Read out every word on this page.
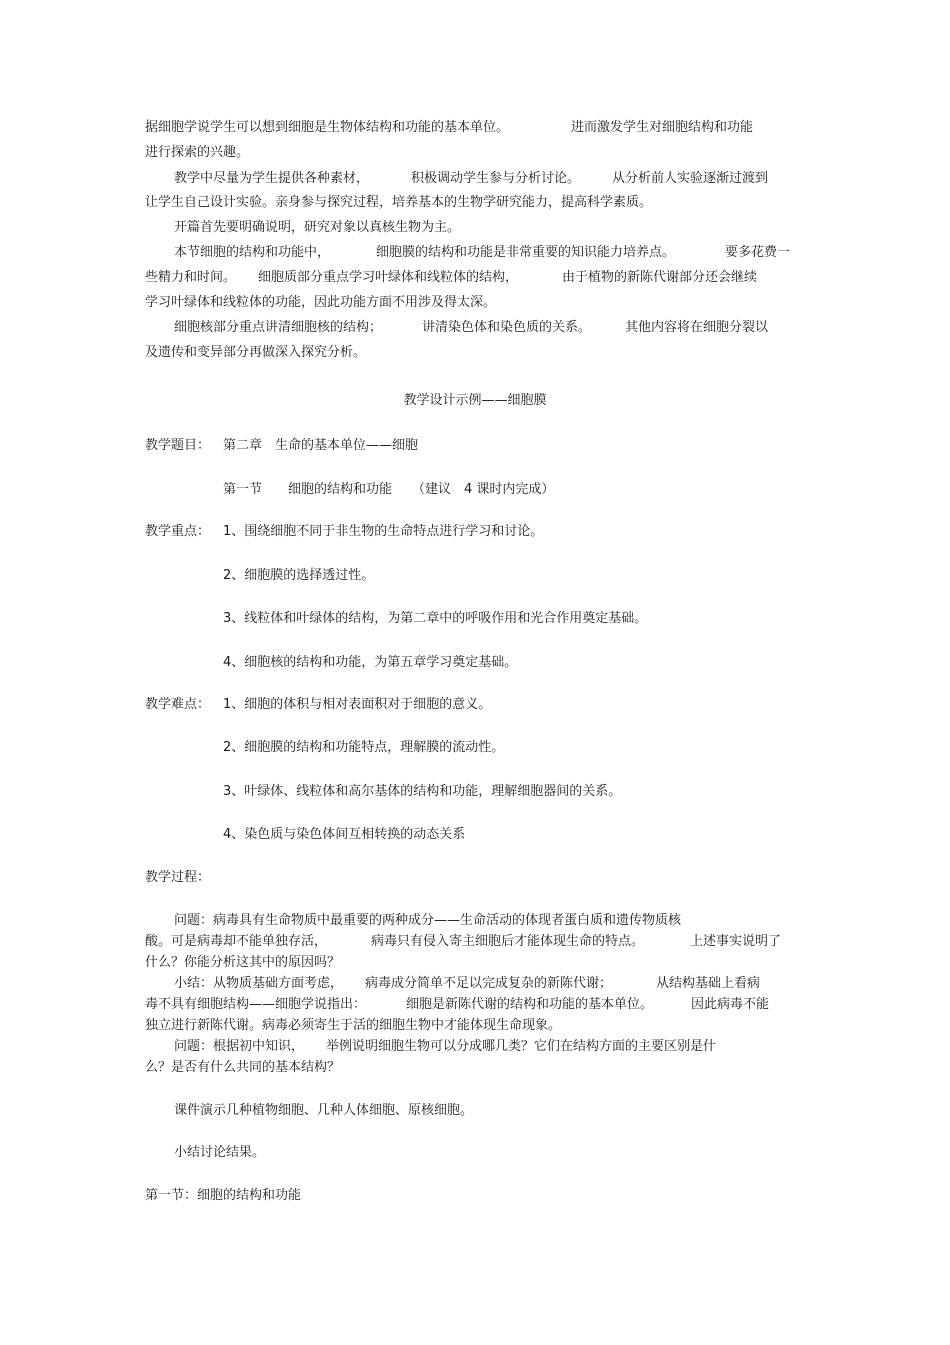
据细胞学说学生可以想到细胞是生物体结构和功能的基本单位。	进而激发学生对细胞结构和功能
进行探索的兴趣。
教学中尽量为学生提供各种素材，	积极调动学生参与分析讨论。 从分析前人实验逐渐过渡到
让学生自己设计实验。亲身参与探究过程，培养基本的生物学研究能力，提高科学素质。
开篇首先要明确说明，研究对象以真核生物为主。
本节细胞的结构和功能中，	细胞膜的结构和功能是非常重要的知识能力培养点。	要多花费一
些精力和时间。 细胞质部分重点学习叶绿体和线粒体的结构，	由于植物的新陈代谢部分还会继续
学习叶绿体和线粒体的功能，因此功能方面不用涉及得太深。
细胞核部分重点讲清细胞核的结构；	讲清染色体和染色质的关系。	其他内容将在细胞分裂以
及遗传和变异部分再做深入探究分析。
教学设计示例——细胞膜
教学题目： 第二章　生命的基本单位——细胞
第一节 细胞的结构和功能 （建议　4 课时内完成）
教学重点： 1、围绕细胞不同于非生物的生命特点进行学习和讨论。
2、细胞膜的选择透过性。
3、线粒体和叶绿体的结构，为第二章中的呼吸作用和光合作用奠定基础。
4、细胞核的结构和功能，为第五章学习奠定基础。
教学难点： 1、细胞的体积与相对表面积对于细胞的意义。
2、细胞膜的结构和功能特点，理解膜的流动性。
3、叶绿体、线粒体和高尔基体的结构和功能，理解细胞器间的关系。
4、染色质与染色体间互相转换的动态关系
教学过程：
问题：病毒具有生命物质中最重要的两种成分——生命活动的体现者蛋白质和遗传物质核
酸。可是病毒却不能单独存活，	病毒只有侵入寄主细胞后才能体现生命的特点。	上述事实说明了
什么？你能分析这其中的原因吗？
小结：从物质基础方面考虑， 病毒成分简单不足以完成复杂的新陈代谢；	从结构基础上看病
毒不具有细胞结构——细胞学说指出：	细胞是新陈代谢的结构和功能的基本单位。	因此病毒不能
独立进行新陈代谢。病毒必须寄生于活的细胞生物中才能体现生命现象。
问题：根据初中知识， 举例说明细胞生物可以分成哪几类？它们在结构方面的主要区别是什
么？是否有什么共同的基本结构？
课件演示几种植物细胞、几种人体细胞、原核细胞。
小结讨论结果。
第一节：细胞的结构和功能
